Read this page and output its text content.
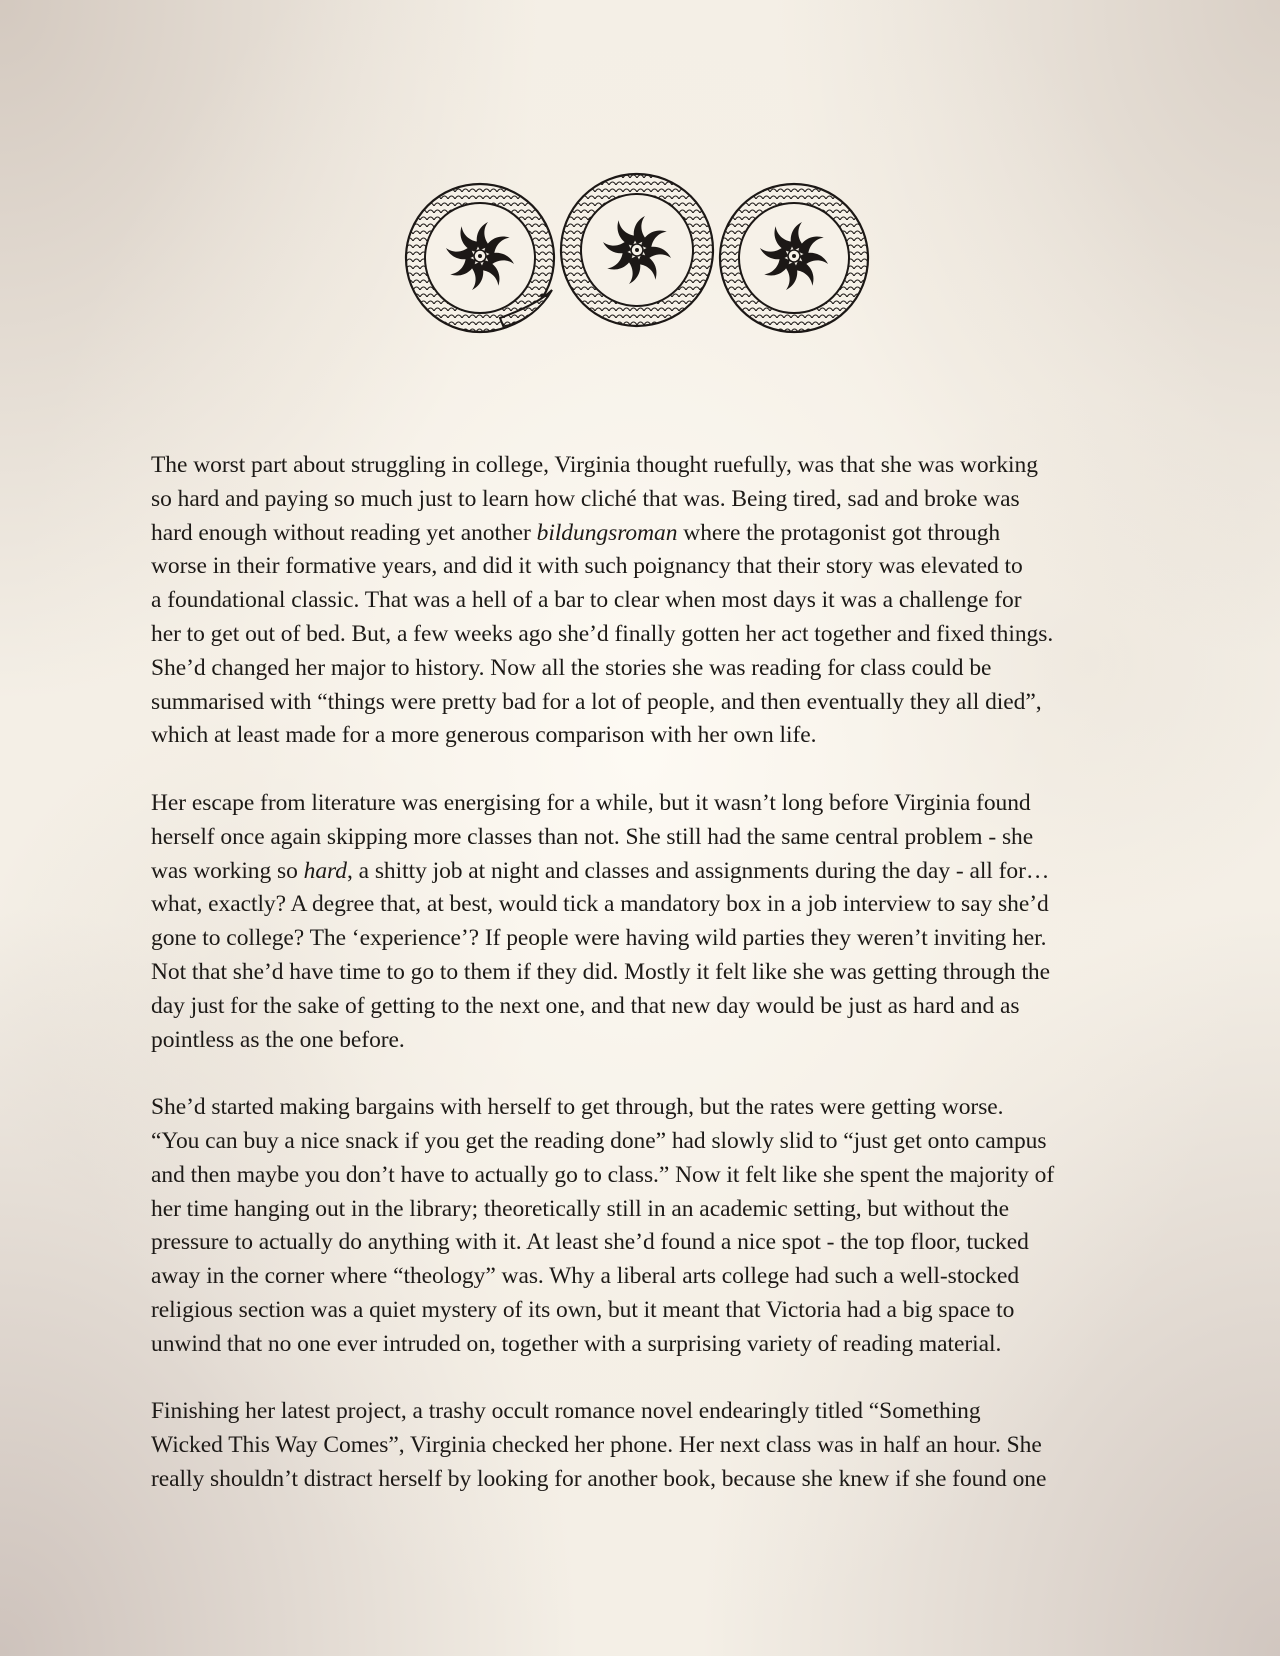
The worst part about struggling in college, Virginia thought ruefully, was that she was working
so hard and paying so much just to learn how cliché that was. Being tired, sad and broke was
hard enough without reading yet another bildungsroman where the protagonist got through
worse in their formative years, and did it with such poignancy that their story was elevated to
a foundational classic. That was a hell of a bar to clear when most days it was a challenge for
her to get out of bed. But, a few weeks ago she’d finally gotten her act together and fixed things.
She’d changed her major to history. Now all the stories she was reading for class could be
summarised with “things were pretty bad for a lot of people, and then eventually they all died”,
which at least made for a more generous comparison with her own life.

Her escape from literature was energising for a while, but it wasn’t long before Virginia found
herself once again skipping more classes than not. She still had the same central problem - she
was working so hard, a shitty job at night and classes and assignments during the day - all for…
what, exactly? A degree that, at best, would tick a mandatory box in a job interview to say she’d
gone to college? The ‘experience’? If people were having wild parties they weren’t inviting her.
Not that she’d have time to go to them if they did. Mostly it felt like she was getting through the
day just for the sake of getting to the next one, and that new day would be just as hard and as
pointless as the one before.

She’d started making bargains with herself to get through, but the rates were getting worse.
“You can buy a nice snack if you get the reading done” had slowly slid to “just get onto campus
and then maybe you don’t have to actually go to class.” Now it felt like she spent the majority of
her time hanging out in the library; theoretically still in an academic setting, but without the
pressure to actually do anything with it. At least she’d found a nice spot - the top floor, tucked
away in the corner where “theology” was. Why a liberal arts college had such a well-stocked
religious section was a quiet mystery of its own, but it meant that Victoria had a big space to
unwind that no one ever intruded on, together with a surprising variety of reading material.

Finishing her latest project, a trashy occult romance novel endearingly titled “Something
Wicked This Way Comes”, Virginia checked her phone. Her next class was in half an hour. She
really shouldn’t distract herself by looking for another book, because she knew if she found one
